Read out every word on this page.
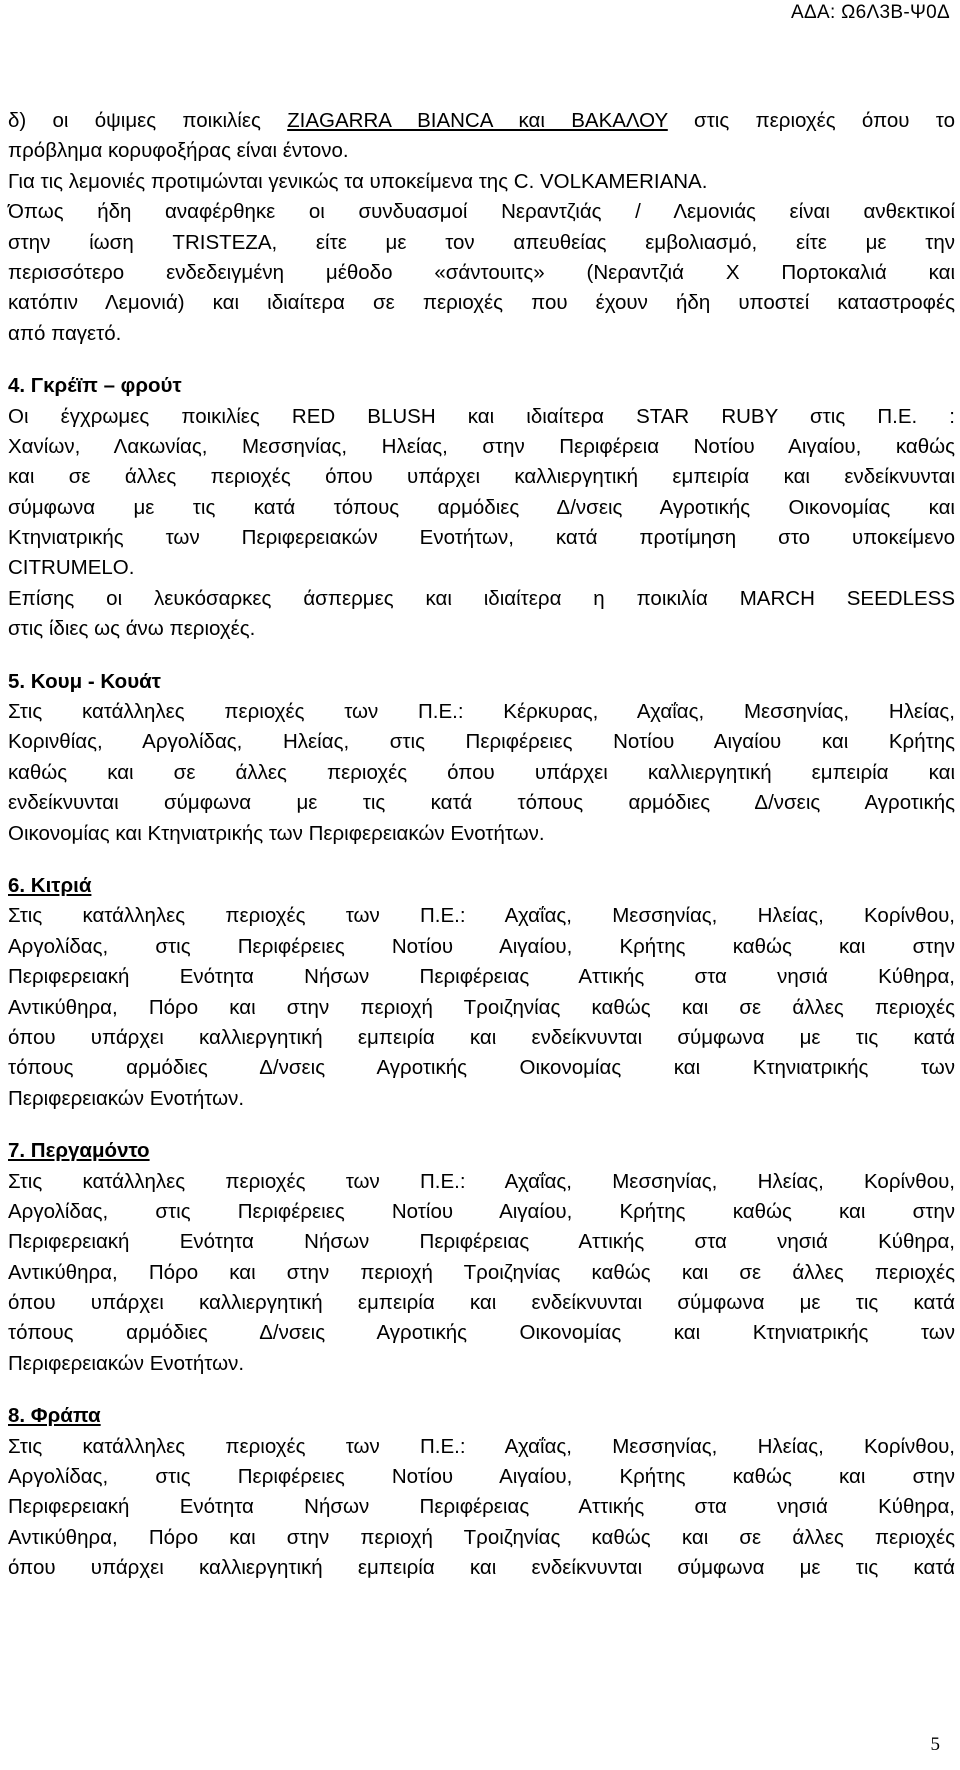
ΑΔΑ: Ω6Λ3Β-Ψ0Δ
δ) οι όψιμες ποικιλίες ZIAGARRA BIANCA και ΒΑΚΑΛΟΥ στις περιοχές όπου το
πρόβλημα κορυφοξήρας είναι έντονο.
Για τις λεμονιές προτιμώνται γενικώς τα υποκείμενα της C. VOLKAMERIANA.
Όπως ήδη αναφέρθηκε οι συνδυασμοί Νεραντζιάς / Λεμονιάς είναι ανθεκτικοί
στην ίωση TRISTEZA, είτε με τον απευθείας εμβολιασμό, είτε με την
περισσότερο ενδεδειγμένη μέθοδο «σάντουιτς» (Νεραντζιά Χ Πορτοκαλιά και
κατόπιν Λεμονιά) και ιδιαίτερα σε περιοχές που έχουν ήδη υποστεί καταστροφές
από παγετό.
4. Γκρέϊπ – φρούτ
Οι έγχρωμες ποικιλίες RED BLUSH και ιδιαίτερα STAR RUBY στις Π.Ε. :
Χανίων, Λακωνίας, Μεσσηνίας, Ηλείας, στην Περιφέρεια Νοτίου Αιγαίου, καθώς
και σε άλλες περιοχές όπου υπάρχει καλλιεργητική εμπειρία και ενδείκνυνται
σύμφωνα με τις κατά τόπους αρμόδιες Δ/νσεις Αγροτικής Οικονομίας και
Κτηνιατρικής των Περιφερειακών Ενοτήτων, κατά προτίμηση στο υποκείμενο
CITRUMELO.
Επίσης οι λευκόσαρκες άσπερμες και ιδιαίτερα η ποικιλία MARCH SEEDLESS
στις ίδιες ως άνω περιοχές.
5. Κουμ - Κουάτ
Στις κατάλληλες περιοχές των Π.Ε.: Κέρκυρας, Αχαΐας, Μεσσηνίας, Ηλείας,
Κορινθίας, Αργολίδας, Ηλείας, στις Περιφέρειες Νοτίου Αιγαίου και Κρήτης
καθώς και σε άλλες περιοχές όπου υπάρχει καλλιεργητική εμπειρία και
ενδείκνυνται σύμφωνα με τις κατά τόπους αρμόδιες Δ/νσεις Αγροτικής
Οικονομίας και Κτηνιατρικής των Περιφερειακών Ενοτήτων.
6. Κιτριά
Στις κατάλληλες περιοχές των Π.Ε.: Αχαΐας, Μεσσηνίας, Ηλείας, Κορίνθου,
Αργολίδας, στις Περιφέρειες Νοτίου Αιγαίου, Κρήτης καθώς και στην
Περιφερειακή Ενότητα Νήσων Περιφέρειας Αττικής στα νησιά Κύθηρα,
Αντικύθηρα, Πόρο και στην περιοχή Τροιζηνίας καθώς και σε άλλες περιοχές
όπου υπάρχει καλλιεργητική εμπειρία και ενδείκνυνται σύμφωνα με τις κατά
τόπους αρμόδιες Δ/νσεις Αγροτικής Οικονομίας και Κτηνιατρικής των
Περιφερειακών Ενοτήτων.
7. Περγαμόντο
Στις κατάλληλες περιοχές των Π.Ε.: Αχαΐας, Μεσσηνίας, Ηλείας, Κορίνθου,
Αργολίδας, στις Περιφέρειες Νοτίου Αιγαίου, Κρήτης καθώς και στην
Περιφερειακή Ενότητα Νήσων Περιφέρειας Αττικής στα νησιά Κύθηρα,
Αντικύθηρα, Πόρο και στην περιοχή Τροιζηνίας καθώς και σε άλλες περιοχές
όπου υπάρχει καλλιεργητική εμπειρία και ενδείκνυνται σύμφωνα με τις κατά
τόπους αρμόδιες Δ/νσεις Αγροτικής Οικονομίας και Κτηνιατρικής των
Περιφερειακών Ενοτήτων.
8. Φράπα
Στις κατάλληλες περιοχές των Π.Ε.: Αχαΐας, Μεσσηνίας, Ηλείας, Κορίνθου,
Αργολίδας, στις Περιφέρειες Νοτίου Αιγαίου, Κρήτης καθώς και στην
Περιφερειακή Ενότητα Νήσων Περιφέρειας Αττικής στα νησιά Κύθηρα,
Αντικύθηρα, Πόρο και στην περιοχή Τροιζηνίας καθώς και σε άλλες περιοχές
όπου υπάρχει καλλιεργητική εμπειρία και ενδείκνυνται σύμφωνα με τις κατά
5
